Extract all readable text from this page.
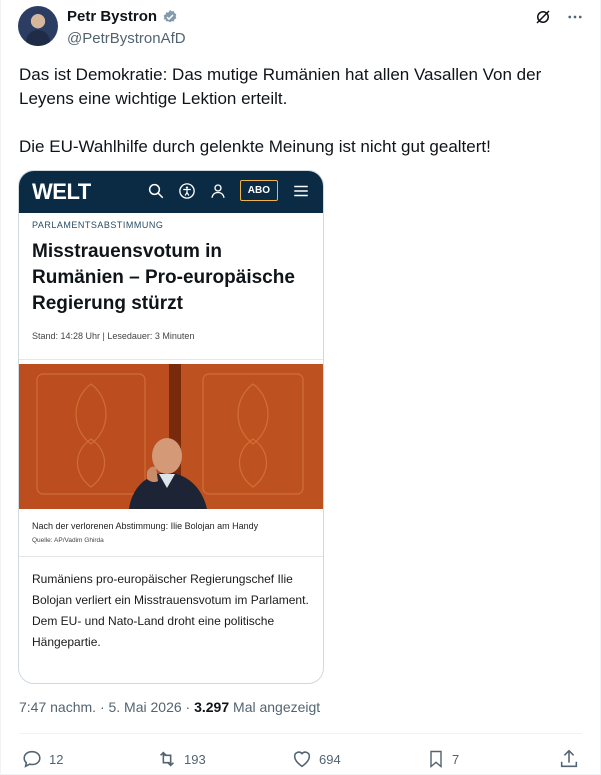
Petr Bystron
@PetrBystronAfD
Das ist Demokratie: Das mutige Rumänien hat allen Vasallen Von der Leyens eine wichtige Lektion erteilt.

Die EU-Wahlhilfe durch gelenkte Meinung ist nicht gut gealtert!
WELT	ABO
PARLAMENTSABSTIMMUNG
Misstrauensvotum in Rumänien – Pro-europäische Regierung stürzt
Stand: 14:28 Uhr | Lesedauer: 3 Minuten
Nach der verlorenen Abstimmung: Ilie Bolojan am Handy
Quelle: AP/Vadim Ghirda
Rumäniens pro-europäischer Regierungschef Ilie Bolojan verliert ein Misstrauensvotum im Parlament. Dem EU- und Nato-Land droht eine politische Hängepartie.
7:47 nachm. · 5. Mai 2026 · 3.297 Mal angezeigt
12	193	694	7
